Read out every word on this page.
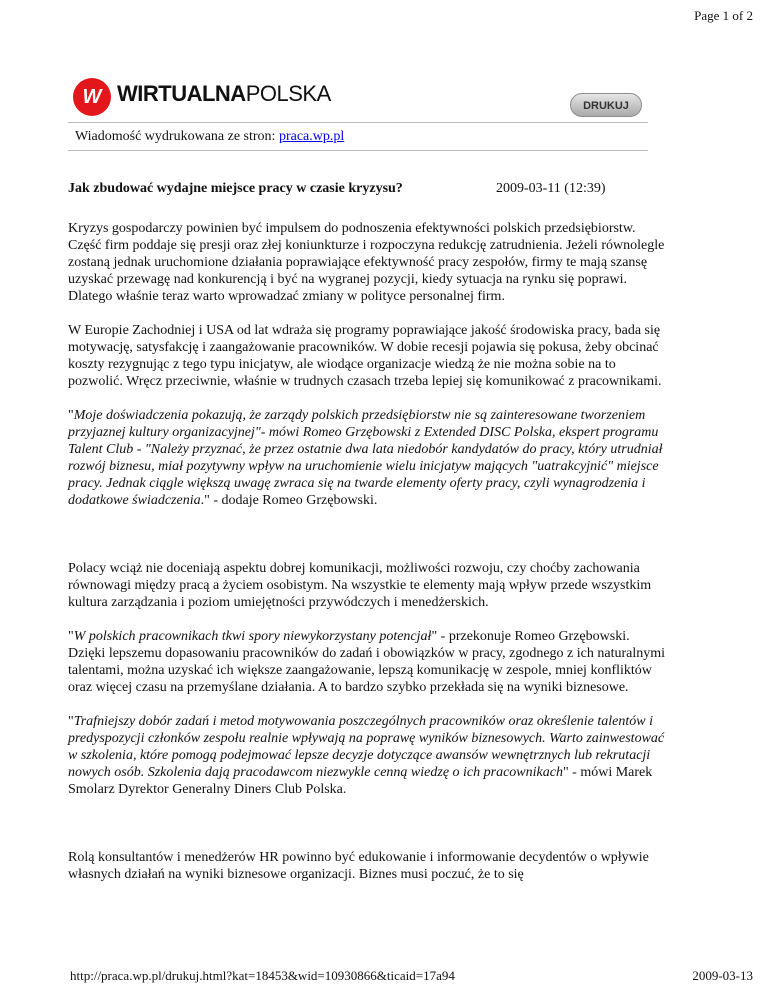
Page 1 of 2
W WIRTUALNAPOLSKA	DRUKUJ
Wiadomość wydrukowana ze stron: praca.wp.pl
Jak zbudować wydajne miejsce pracy w czasie kryzysu?	2009-03-11 (12:39)

Kryzys gospodarczy powinien być impulsem do podnoszenia efektywności polskich przedsiębiorstw. Część firm poddaje się presji oraz złej koniunkturze i rozpoczyna redukcję zatrudnienia. Jeżeli równolegle zostaną jednak uruchomione działania poprawiające efektywność pracy zespołów, firmy te mają szansę uzyskać przewagę nad konkurencją i być na wygranej pozycji, kiedy sytuacja na rynku się poprawi. Dlatego właśnie teraz warto wprowadzać zmiany w polityce personalnej firm.

W Europie Zachodniej i USA od lat wdraża się programy poprawiające jakość środowiska pracy, bada się motywację, satysfakcję i zaangażowanie pracowników. W dobie recesji pojawia się pokusa, żeby obcinać koszty rezygnując z tego typu inicjatyw, ale wiodące organizacje wiedzą że nie można sobie na to pozwolić. Wręcz przeciwnie, właśnie w trudnych czasach trzeba lepiej się komunikować z pracownikami.

"Moje doświadczenia pokazują, że zarządy polskich przedsiębiorstw nie są zainteresowane tworzeniem przyjaznej kultury organizacyjnej"- mówi Romeo Grzębowski z Extended DISC Polska, ekspert programu Talent Club - "Należy przyznać, że przez ostatnie dwa lata niedobór kandydatów do pracy, który utrudniał rozwój biznesu, miał pozytywny wpływ na uruchomienie wielu inicjatyw mających "uatrakcyjnić" miejsce pracy. Jednak ciągle większą uwagę zwraca się na twarde elementy oferty pracy, czyli wynagrodzenia i dodatkowe świadczenia." - dodaje Romeo Grzębowski.

Polacy wciąż nie doceniają aspektu dobrej komunikacji, możliwości rozwoju, czy choćby zachowania równowagi między pracą a życiem osobistym. Na wszystkie te elementy mają wpływ przede wszystkim kultura zarządzania i poziom umiejętności przywódczych i menedżerskich.

"W polskich pracownikach tkwi spory niewykorzystany potencjał" - przekonuje Romeo Grzębowski. Dzięki lepszemu dopasowaniu pracowników do zadań i obowiązków w pracy, zgodnego z ich naturalnymi talentami, można uzyskać ich większe zaangażowanie, lepszą komunikację w zespole, mniej konfliktów oraz więcej czasu na przemyślane działania. A to bardzo szybko przekłada się na wyniki biznesowe.

"Trafniejszy dobór zadań i metod motywowania poszczególnych pracowników oraz określenie talentów i predyspozycji członków zespołu realnie wpływają na poprawę wyników biznesowych. Warto zainwestować w szkolenia, które pomogą podejmować lepsze decyzje dotyczące awansów wewnętrznych lub rekrutacji nowych osób. Szkolenia dają pracodawcom niezwykle cenną wiedzę o ich pracownikach" - mówi Marek Smolarz Dyrektor Generalny Diners Club Polska.

Rolą konsultantów i menedżerów HR powinno być edukowanie i informowanie decydentów o wpływie własnych działań na wyniki biznesowe organizacji. Biznes musi poczuć, że to się

http://praca.wp.pl/drukuj.html?kat=18453&wid=10930866&ticaid=17a94	2009-03-13
